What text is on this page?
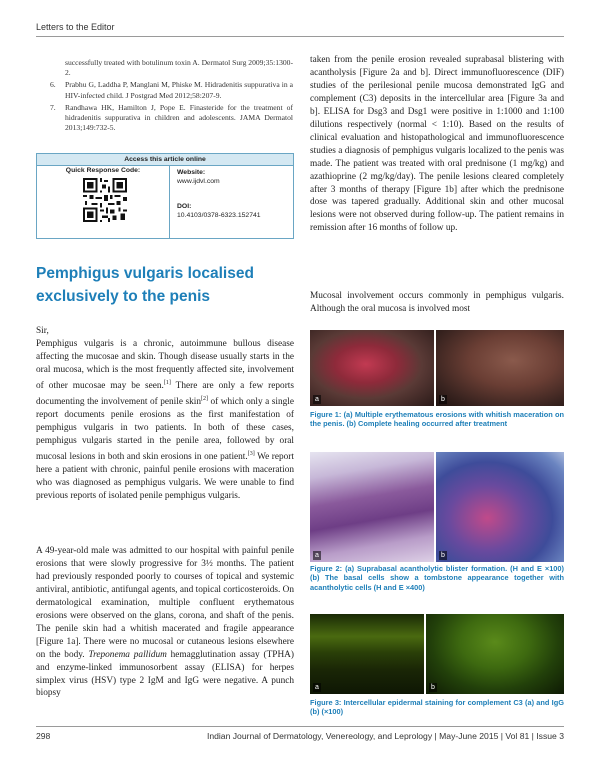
Letters to the Editor
successfully treated with botulinum toxin A. Dermatol Surg 2009;35:1300-2.
6.	Prabhu G, Laddha P, Manglani M, Phiske M. Hidradenitis suppurativa in a HIV-infected child. J Postgrad Med 2012;58:207-9.
7.	Randhawa HK, Hamilton J, Pope E. Finasteride for the treatment of hidradenitis suppurativa in children and adolescents. JAMA Dermatol 2013;149:732-5.
Access this article online
Quick Response Code:	Website:
www.ijdvl.com
DOI:
10.4103/0378-6323.152741
Pemphigus vulgaris localised exclusively to the penis

Sir,

Pemphigus vulgaris is a chronic, autoimmune bullous disease affecting the mucosae and skin. Though disease usually starts in the oral mucosa, which is the most frequently affected site, involvement of other mucosae may be seen.[1] There are only a few reports documenting the involvement of penile skin[2] of which only a single report documents penile erosions as the first manifestation of pemphigus vulgaris in two patients. In both of these cases, pemphigus vulgaris started in the penile area, followed by oral mucosal lesions in both and skin erosions in one patient.[3] We report here a patient with chronic, painful penile erosions with maceration who was diagnosed as pemphigus vulgaris. We were unable to find previous reports of isolated penile pemphigus vulgaris.

A 49-year-old male was admitted to our hospital with painful penile erosions that were slowly progressive for 3½ months. The patient had previously responded poorly to courses of topical and systemic antiviral, antibiotic, antifungal agents, and topical corticosteroids. On dermatological examination, multiple confluent erythematous erosions were observed on the glans, corona, and shaft of the penis. The penile skin had a whitish macerated and fragile appearance [Figure 1a]. There were no mucosal or cutaneous lesions elsewhere on the body. Treponema pallidum hemagglutination assay (TPHA) and enzyme-linked immunosorbent assay (ELISA) for herpes simplex virus (HSV) type 2 IgM and IgG were negative. A punch biopsy

taken from the penile erosion revealed suprabasal blistering with acantholysis [Figure 2a and b]. Direct immunofluorescence (DIF) studies of the perilesional penile mucosa demonstrated IgG and complement (C3) deposits in the intercellular area [Figure 3a and b]. ELISA for Dsg3 and Dsg1 were positive in 1:1000 and 1:100 dilutions respectively (normal < 1:10). Based on the results of clinical evaluation and histopathological and immunofluorescence studies a diagnosis of pemphigus vulgaris localized to the penis was made. The patient was treated with oral prednisone (1 mg/kg) and azathioprine (2 mg/kg/day). The penile lesions cleared completely after 3 months of therapy [Figure 1b] after which the prednisone dose was tapered gradually. Additional skin and other mucosal lesions were not observed during follow-up. The patient remains in remission after 16 months of follow up.

Mucosal involvement occurs commonly in pemphigus vulgaris. Although the oral mucosa is involved most

a	b
Figure 1: (a) Multiple erythematous erosions with whitish maceration on the penis. (b) Complete healing occurred after treatment
a	b
Figure 2: (a) Suprabasal acantholytic blister formation. (H and E ×100) (b) The basal cells show a tombstone appearance together with acantholytic cells (H and E ×400)
a	b
Figure 3: Intercellular epidermal staining for complement C3 (a) and IgG (b) (×100)
298	Indian Journal of Dermatology, Venereology, and Leprology | May-June 2015 | Vol 81 | Issue 3
